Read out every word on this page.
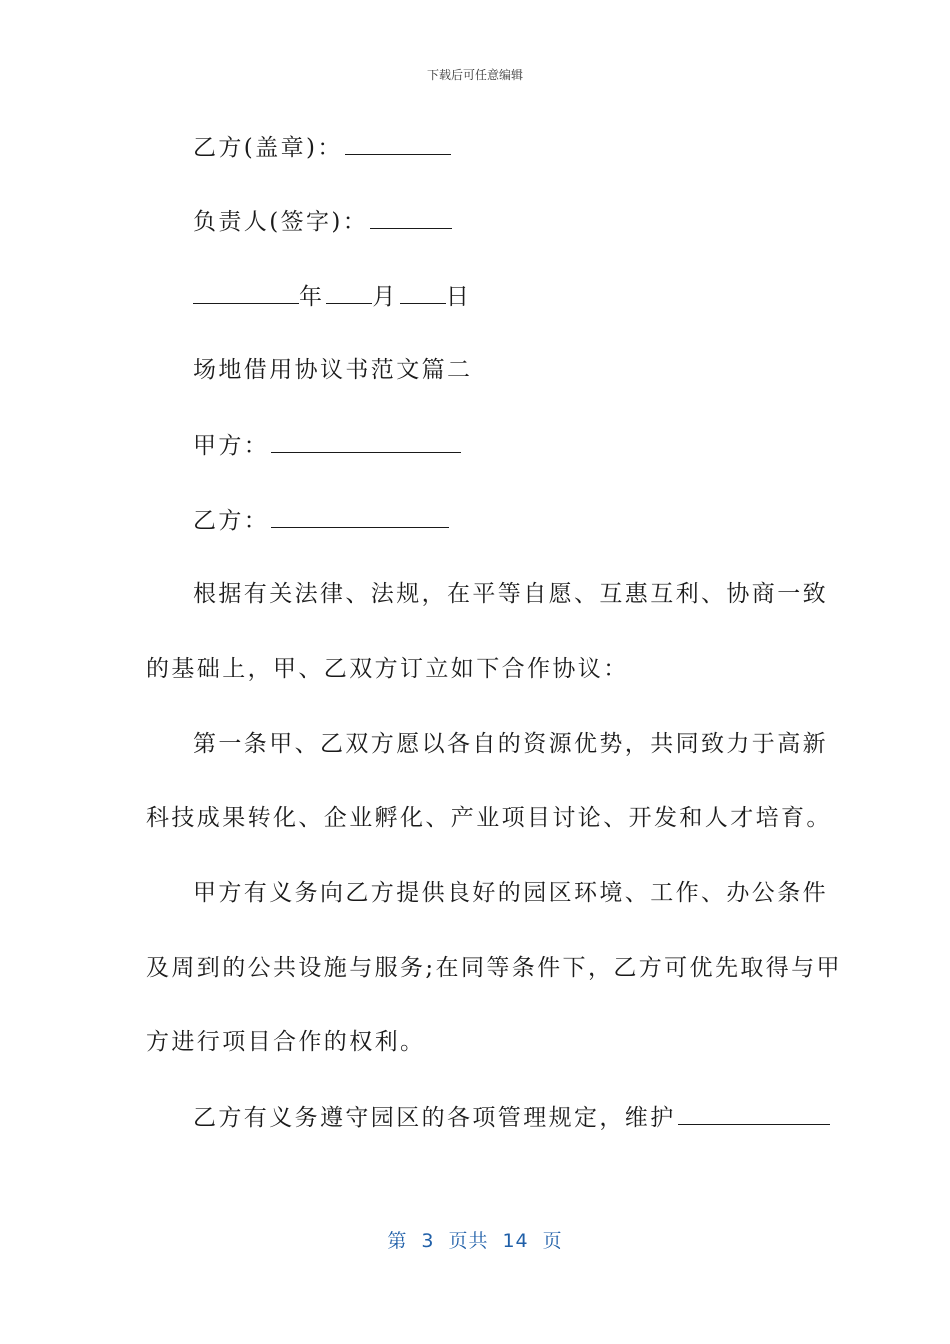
下载后可任意编辑
乙方(盖章)：
负责人(签字)：
年 月 日
场地借用协议书范文篇二
甲方：
乙方：
根据有关法律、法规，在平等自愿、互惠互利、协商一致
的基础上，甲、乙双方订立如下合作协议：
第一条甲、乙双方愿以各自的资源优势，共同致力于高新
科技成果转化、企业孵化、产业项目讨论、开发和人才培育。
甲方有义务向乙方提供良好的园区环境、工作、办公条件
及周到的公共设施与服务;在同等条件下，乙方可优先取得与甲
方进行项目合作的权利。
乙方有义务遵守园区的各项管理规定，维护
第 3 页共 14 页
